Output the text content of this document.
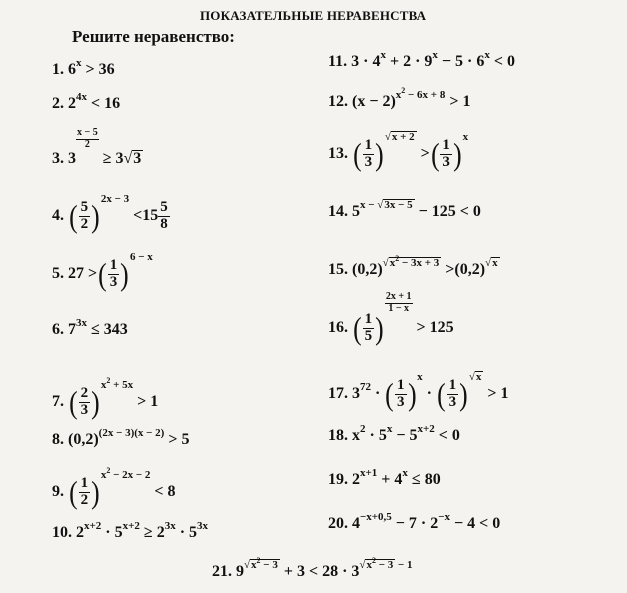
ПОКАЗАТЕЛЬНЫЕ НЕРАВЕНСТВА
Решите неравенство:
1. $6^x > 36$
2. $2^{4x} < 16$
3. 3
$\frac{x - 5}{2}$
≥ 3√3
4. ( $\frac{5}{2} )^{2x - 3} <15 \frac{5}{8}$
5. 27 >( $\frac{1}{3} )^{6 - x}$
6. $7^{3x} \le 343$
7. ( $\frac{2}{3} )^{x^2 + 5x} > 1$
8. $(0,2)^{(2x - 3)(x - 2)} > 5$
9. ( $\frac{1}{2} )^{x^2 - 2x - 2} < 8$
10. $2^{x+2} \cdot 5^{x+2} \ge 2^{3x} \cdot 5^{3x}$
11. $3 \cdot 4^x + 2 \cdot 9^x - 5 \cdot 6^x < 0$
12. $(x - 2)^{x^2 - 6x + 8} > 1$
13. ( $\frac{1}{3} )^{√x + 2}$ >( $\frac{1}{3} )^x$
14. $5^{x - √3x - 5} - 125 < 0$
15. $(0,2)^{√x^2 - 3x + 3} >(0,2)^{√x}$
16. ( $\frac{1}{5}$ )
$\frac{2x + 1}{1 - x}$
> 125
17. $3^{72}$ · ( $\frac{1}{3} )^x$ · ( $\frac{1}{3} )^{√x} > 1$
18. $x^2 \cdot 5^x - 5^{x+2} < 0$
19. $2^{x+1} + 4^x \le 80$
20. $4^{-x+0,5} - 7 \cdot 2^{-x} - 4 < 0$
21. $9^{√x^2 - 3} + 3 < 28 \cdot 3^{√x^2 - 3 - 1}$
